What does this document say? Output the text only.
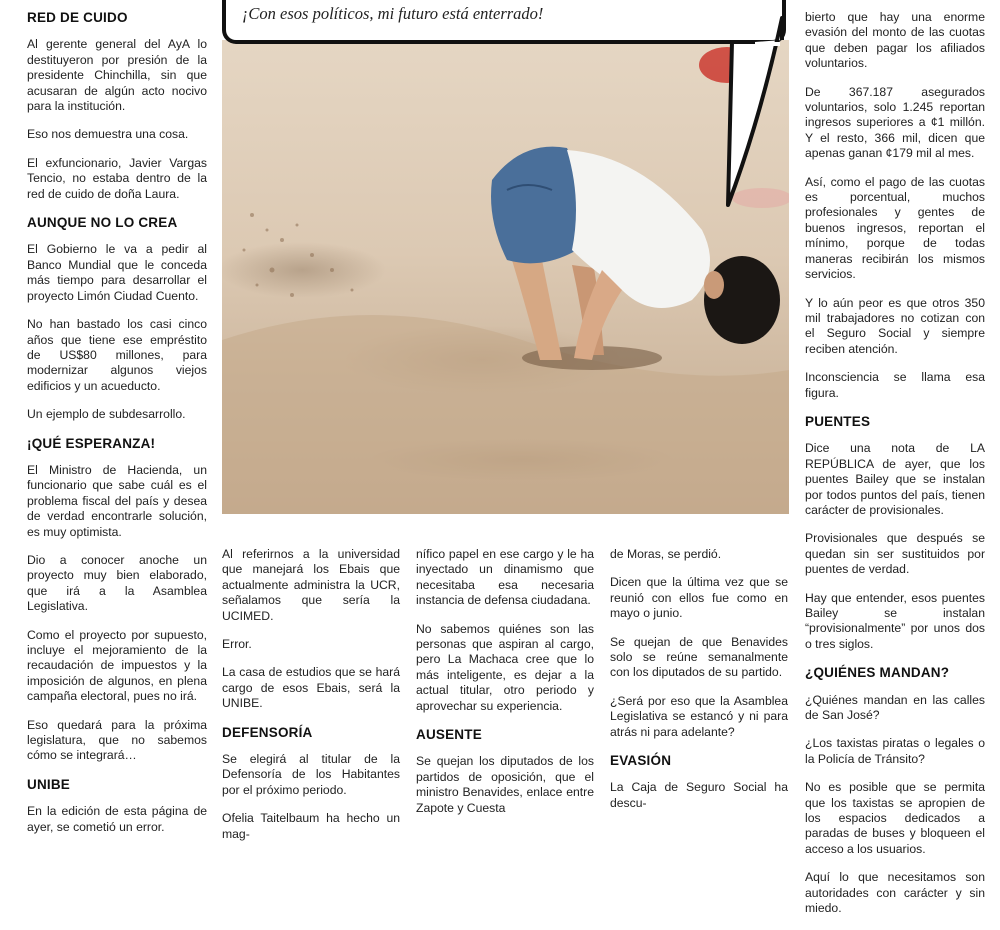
RED DE CUIDO

Al gerente general del AyA lo destituyeron por presión de la presidente Chinchilla, sin que acusaran de algún acto nocivo para la institución.

Eso nos demuestra una cosa.

El exfuncionario, Javier Vargas Tencio, no estaba dentro de la red de cuido de doña Laura.

AUNQUE NO LO CREA

El Gobierno le va a pedir al Banco Mundial que le conceda más tiempo para desarrollar el proyecto Limón Ciudad Cuento.

No han bastado los casi cinco años que tiene ese empréstito de US$80 millones, para modernizar algunos viejos edificios y un acueducto.

Un ejemplo de subdesarrollo.

¡QUÉ ESPERANZA!

El Ministro de Hacienda, un funcionario que sabe cuál es el problema fiscal del país y desea de verdad encontrarle solución, es muy optimista.

Dio a conocer anoche un proyecto muy bien elaborado, que irá a la Asamblea Legislativa.

Como el proyecto por supuesto, incluye el mejoramiento de la recaudación de impuestos y la imposición de algunos, en plena campaña electoral, pues no irá.

Eso quedará para la próxima legislatura, que no sabemos cómo se integrará…

UNIBE

En la edición de esta página de ayer, se cometió un error.

¡Con esos políticos, mi futuro está enterrado!

Al referirnos a la universidad que manejará los Ebais que actualmente administra la UCR, señalamos que sería la UCIMED.

Error.

La casa de estudios que se hará cargo de esos Ebais, será la UNIBE.

DEFENSORÍA

Se elegirá al titular de la Defensoría de los Habitantes por el próximo periodo.

Ofelia Taitelbaum ha hecho un mag-

nífico papel en ese cargo y le ha inyectado un dinamismo que necesitaba esa necesaria instancia de defensa ciudadana.

No sabemos quiénes son las personas que aspiran al cargo, pero La Machaca cree que lo más inteligente, es dejar a la actual titular, otro periodo y aprovechar su experiencia.

AUSENTE

Se quejan los diputados de los partidos de oposición, que el ministro Benavides, enlace entre Zapote y Cuesta

de Moras, se perdió.

Dicen que la última vez que se reunió con ellos fue como en mayo o junio.

Se quejan de que Benavides solo se reúne semanalmente con los diputados de su partido.

¿Será por eso que la Asamblea Legislativa se estancó y ni para atrás ni para adelante?

EVASIÓN

La Caja de Seguro Social ha descu-

bierto que hay una enorme evasión del monto de las cuotas que deben pagar los afiliados voluntarios.

De 367.187 asegurados voluntarios, solo 1.245 reportan ingresos superiores a ¢1 millón. Y el resto, 366 mil, dicen que apenas ganan ¢179 mil al mes.

Así, como el pago de las cuotas es porcentual, muchos profesionales y gentes de buenos ingresos, reportan el mínimo, porque de todas maneras recibirán los mismos servicios.

Y lo aún peor es que otros 350 mil trabajadores no cotizan con el Seguro Social y siempre reciben atención.

Inconsciencia se llama esa figura.

PUENTES

Dice una nota de LA REPÚBLICA de ayer, que los puentes Bailey que se instalan por todos puntos del país, tienen carácter de provisionales.

Provisionales que después se quedan sin ser sustituidos por puentes de verdad.

Hay que entender, esos puentes Bailey se instalan “provisionalmente” por unos dos o tres siglos.

¿QUIÉNES MANDAN?

¿Quiénes mandan en las calles de San José?

¿Los taxistas piratas o legales o la Policía de Tránsito?

No es posible que se permita que los taxistas se apropien de los espacios dedicados a paradas de buses y bloqueen el acceso a los usuarios.

Aquí lo que necesitamos son autoridades con carácter y sin miedo.
